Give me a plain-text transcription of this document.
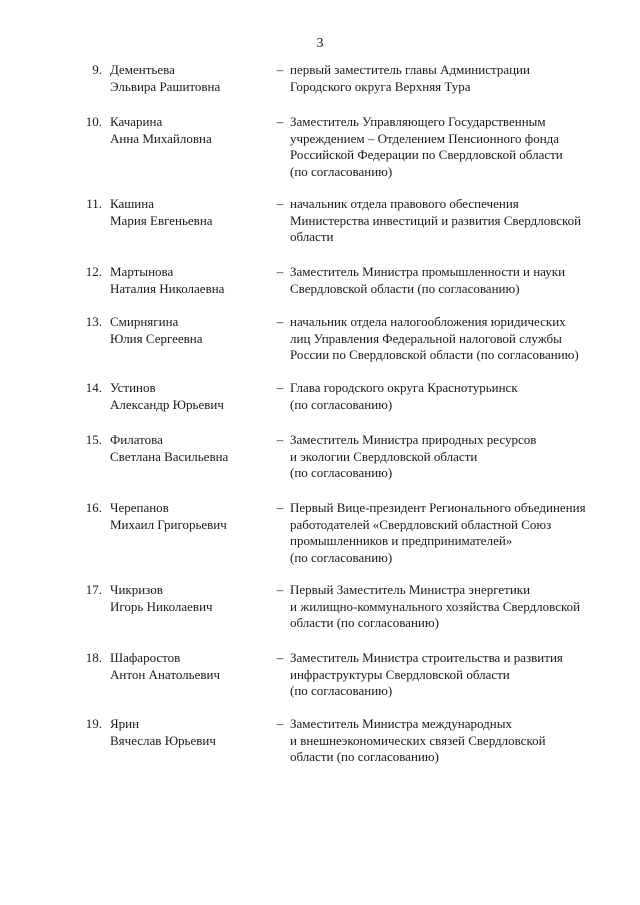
3
9. Дементьева
Эльвира Рашитовна
– первый заместитель главы Администрации
Городского округа Верхняя Тура
10. Качарина
Анна Михайловна
– Заместитель Управляющего Государственным
учреждением – Отделением Пенсионного фонда
Российской Федерации по Свердловской области
(по согласованию)
11. Кашина
Мария Евгеньевна
– начальник отдела правового обеспечения
Министерства инвестиций и развития Свердловской
области
12. Мартынова
Наталия Николаевна
– Заместитель Министра промышленности и науки
Свердловской области (по согласованию)
13. Смирнягина
Юлия Сергеевна
– начальник отдела налогообложения юридических
лиц Управления Федеральной налоговой службы
России по Свердловской области (по согласованию)
14. Устинов
Александр Юрьевич
– Глава городского округа Краснотурьинск
(по согласованию)
15. Филатова
Светлана Васильевна
– Заместитель Министра природных ресурсов
и экологии Свердловской области
(по согласованию)
16. Черепанов
Михаил Григорьевич
– Первый Вице-президент Регионального объединения
работодателей «Свердловский областной Союз
промышленников и предпринимателей»
(по согласованию)
17. Чикризов
Игорь Николаевич
– Первый Заместитель Министра энергетики
и жилищно-коммунального хозяйства Свердловской
области (по согласованию)
18. Шафаростов
Антон Анатольевич
– Заместитель Министра строительства и развития
инфраструктуры Свердловской области
(по согласованию)
19. Ярин
Вячеслав Юрьевич
– Заместитель Министра международных
и внешнеэкономических связей Свердловской
области (по согласованию)
